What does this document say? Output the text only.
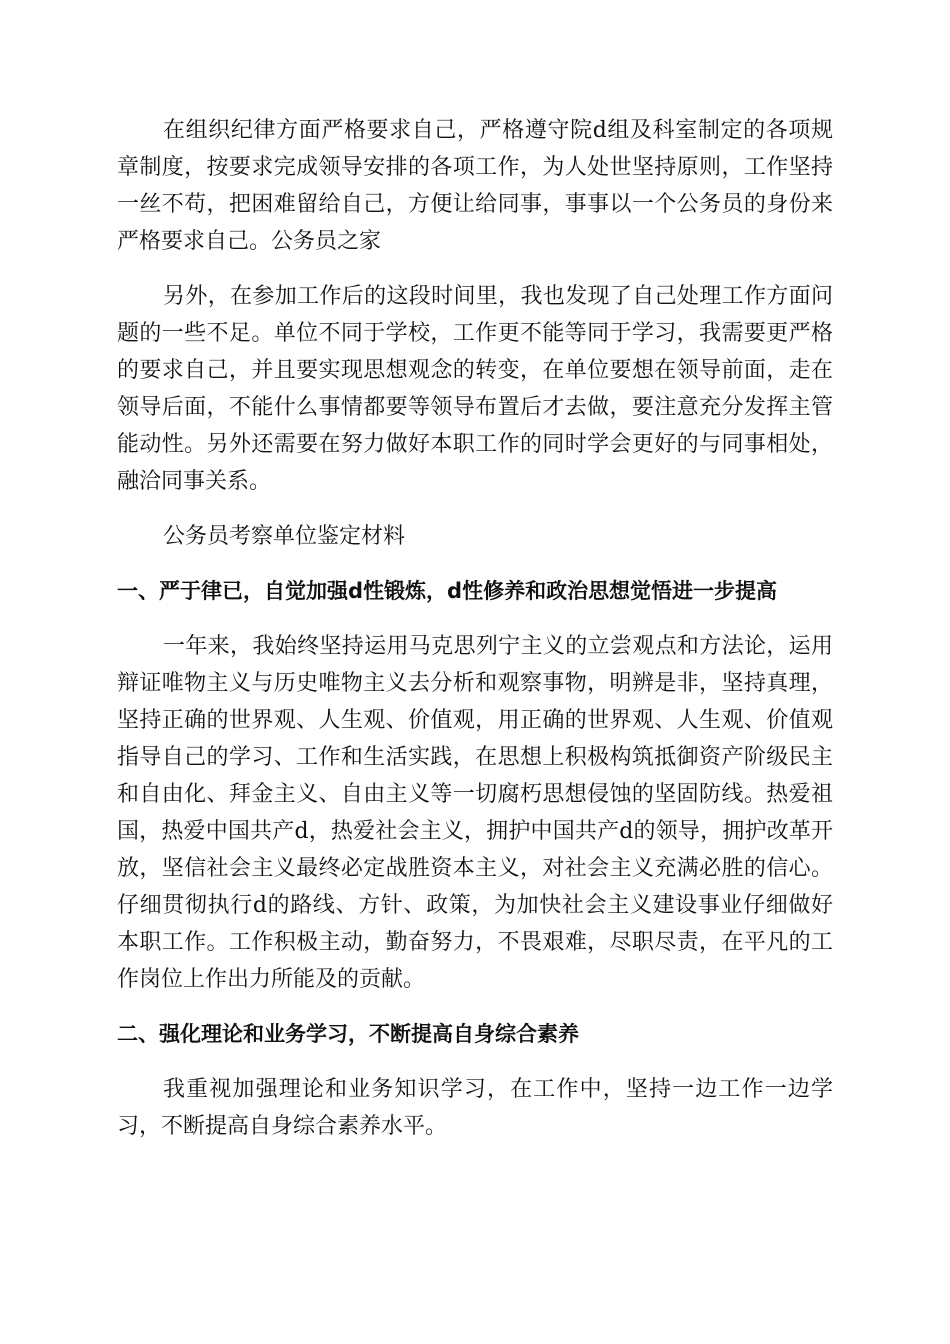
在组织纪律方面严格要求自己，严格遵守院d组及科室制定的各项规章制度，按要求完成领导安排的各项工作，为人处世坚持原则，工作坚持一丝不苟，把困难留给自己，方便让给同事，事事以一个公务员的身份来严格要求自己。公务员之家

另外，在参加工作后的这段时间里，我也发现了自己处理工作方面问题的一些不足。单位不同于学校，工作更不能等同于学习，我需要更严格的要求自己，并且要实现思想观念的转变，在单位要想在领导前面，走在领导后面，不能什么事情都要等领导布置后才去做，要注意充分发挥主管能动性。另外还需要在努力做好本职工作的同时学会更好的与同事相处，融洽同事关系。

公务员考察单位鉴定材料

一、严于律已，自觉加强d性锻炼，d性修养和政治思想觉悟进一步提高

一年来，我始终坚持运用马克思列宁主义的立尝观点和方法论，运用辩证唯物主义与历史唯物主义去分析和观察事物，明辨是非，坚持真理，坚持正确的世界观、人生观、价值观，用正确的世界观、人生观、价值观指导自己的学习、工作和生活实践，在思想上积极构筑抵御资产阶级民主和自由化、拜金主义、自由主义等一切腐朽思想侵蚀的坚固防线。热爱祖国，热爱中国共产d，热爱社会主义，拥护中国共产d的领导，拥护改革开放，坚信社会主义最终必定战胜资本主义，对社会主义充满必胜的信心。仔细贯彻执行d的路线、方针、政策，为加快社会主义建设事业仔细做好本职工作。工作积极主动，勤奋努力，不畏艰难，尽职尽责，在平凡的工作岗位上作出力所能及的贡献。

二、强化理论和业务学习，不断提高自身综合素养

我重视加强理论和业务知识学习，在工作中，坚持一边工作一边学习，不断提高自身综合素养水平。
